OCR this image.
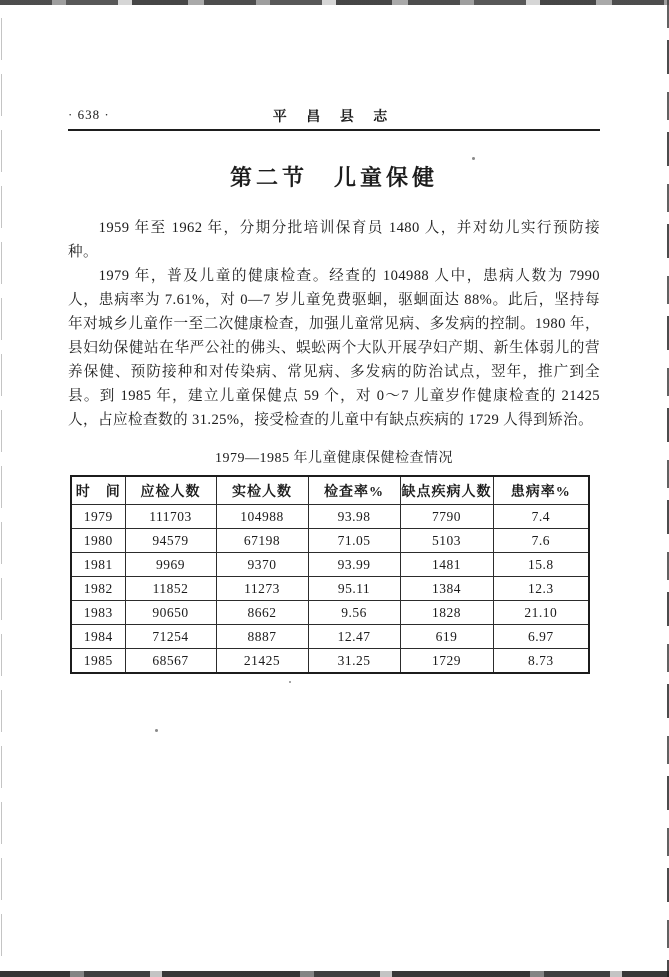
· 638 ·	平 昌 县 志
第二节　儿童保健

1959 年至 1962 年，分期分批培训保育员 1480 人，并对幼儿实行预防接种。

1979 年，普及儿童的健康检查。经查的 104988 人中，患病人数为 7990 人，患病率为 7.61%，对 0—7 岁儿童免费驱蛔，驱蛔面达 88%。此后，坚持每年对城乡儿童作一至二次健康检查，加强儿童常见病、多发病的控制。1980 年，县妇幼保健站在华严公社的佛头、蜈蚣两个大队开展孕妇产期、新生体弱儿的营养保健、预防接种和对传染病、常见病、多发病的防治试点，翌年，推广到全县。到 1985 年，建立儿童保健点 59 个，对 0～7 儿童岁作健康检查的 21425 人，占应检查数的 31.25%，接受检查的儿童中有缺点疾病的 1729 人得到矫治。

1979—1985 年儿童健康保健检查情况
时　间	应检人数	实检人数	检查率%	缺点疾病人数	患病率%
1979	111703	104988	93.98	7790	7.4
1980	94579	67198	71.05	5103	7.6
1981	9969	9370	93.99	1481	15.8
1982	11852	11273	95.11	1384	12.3
1983	90650	8662	9.56	1828	21.10
1984	71254	8887	12.47	619	6.97
1985	68567	21425	31.25	1729	8.73
